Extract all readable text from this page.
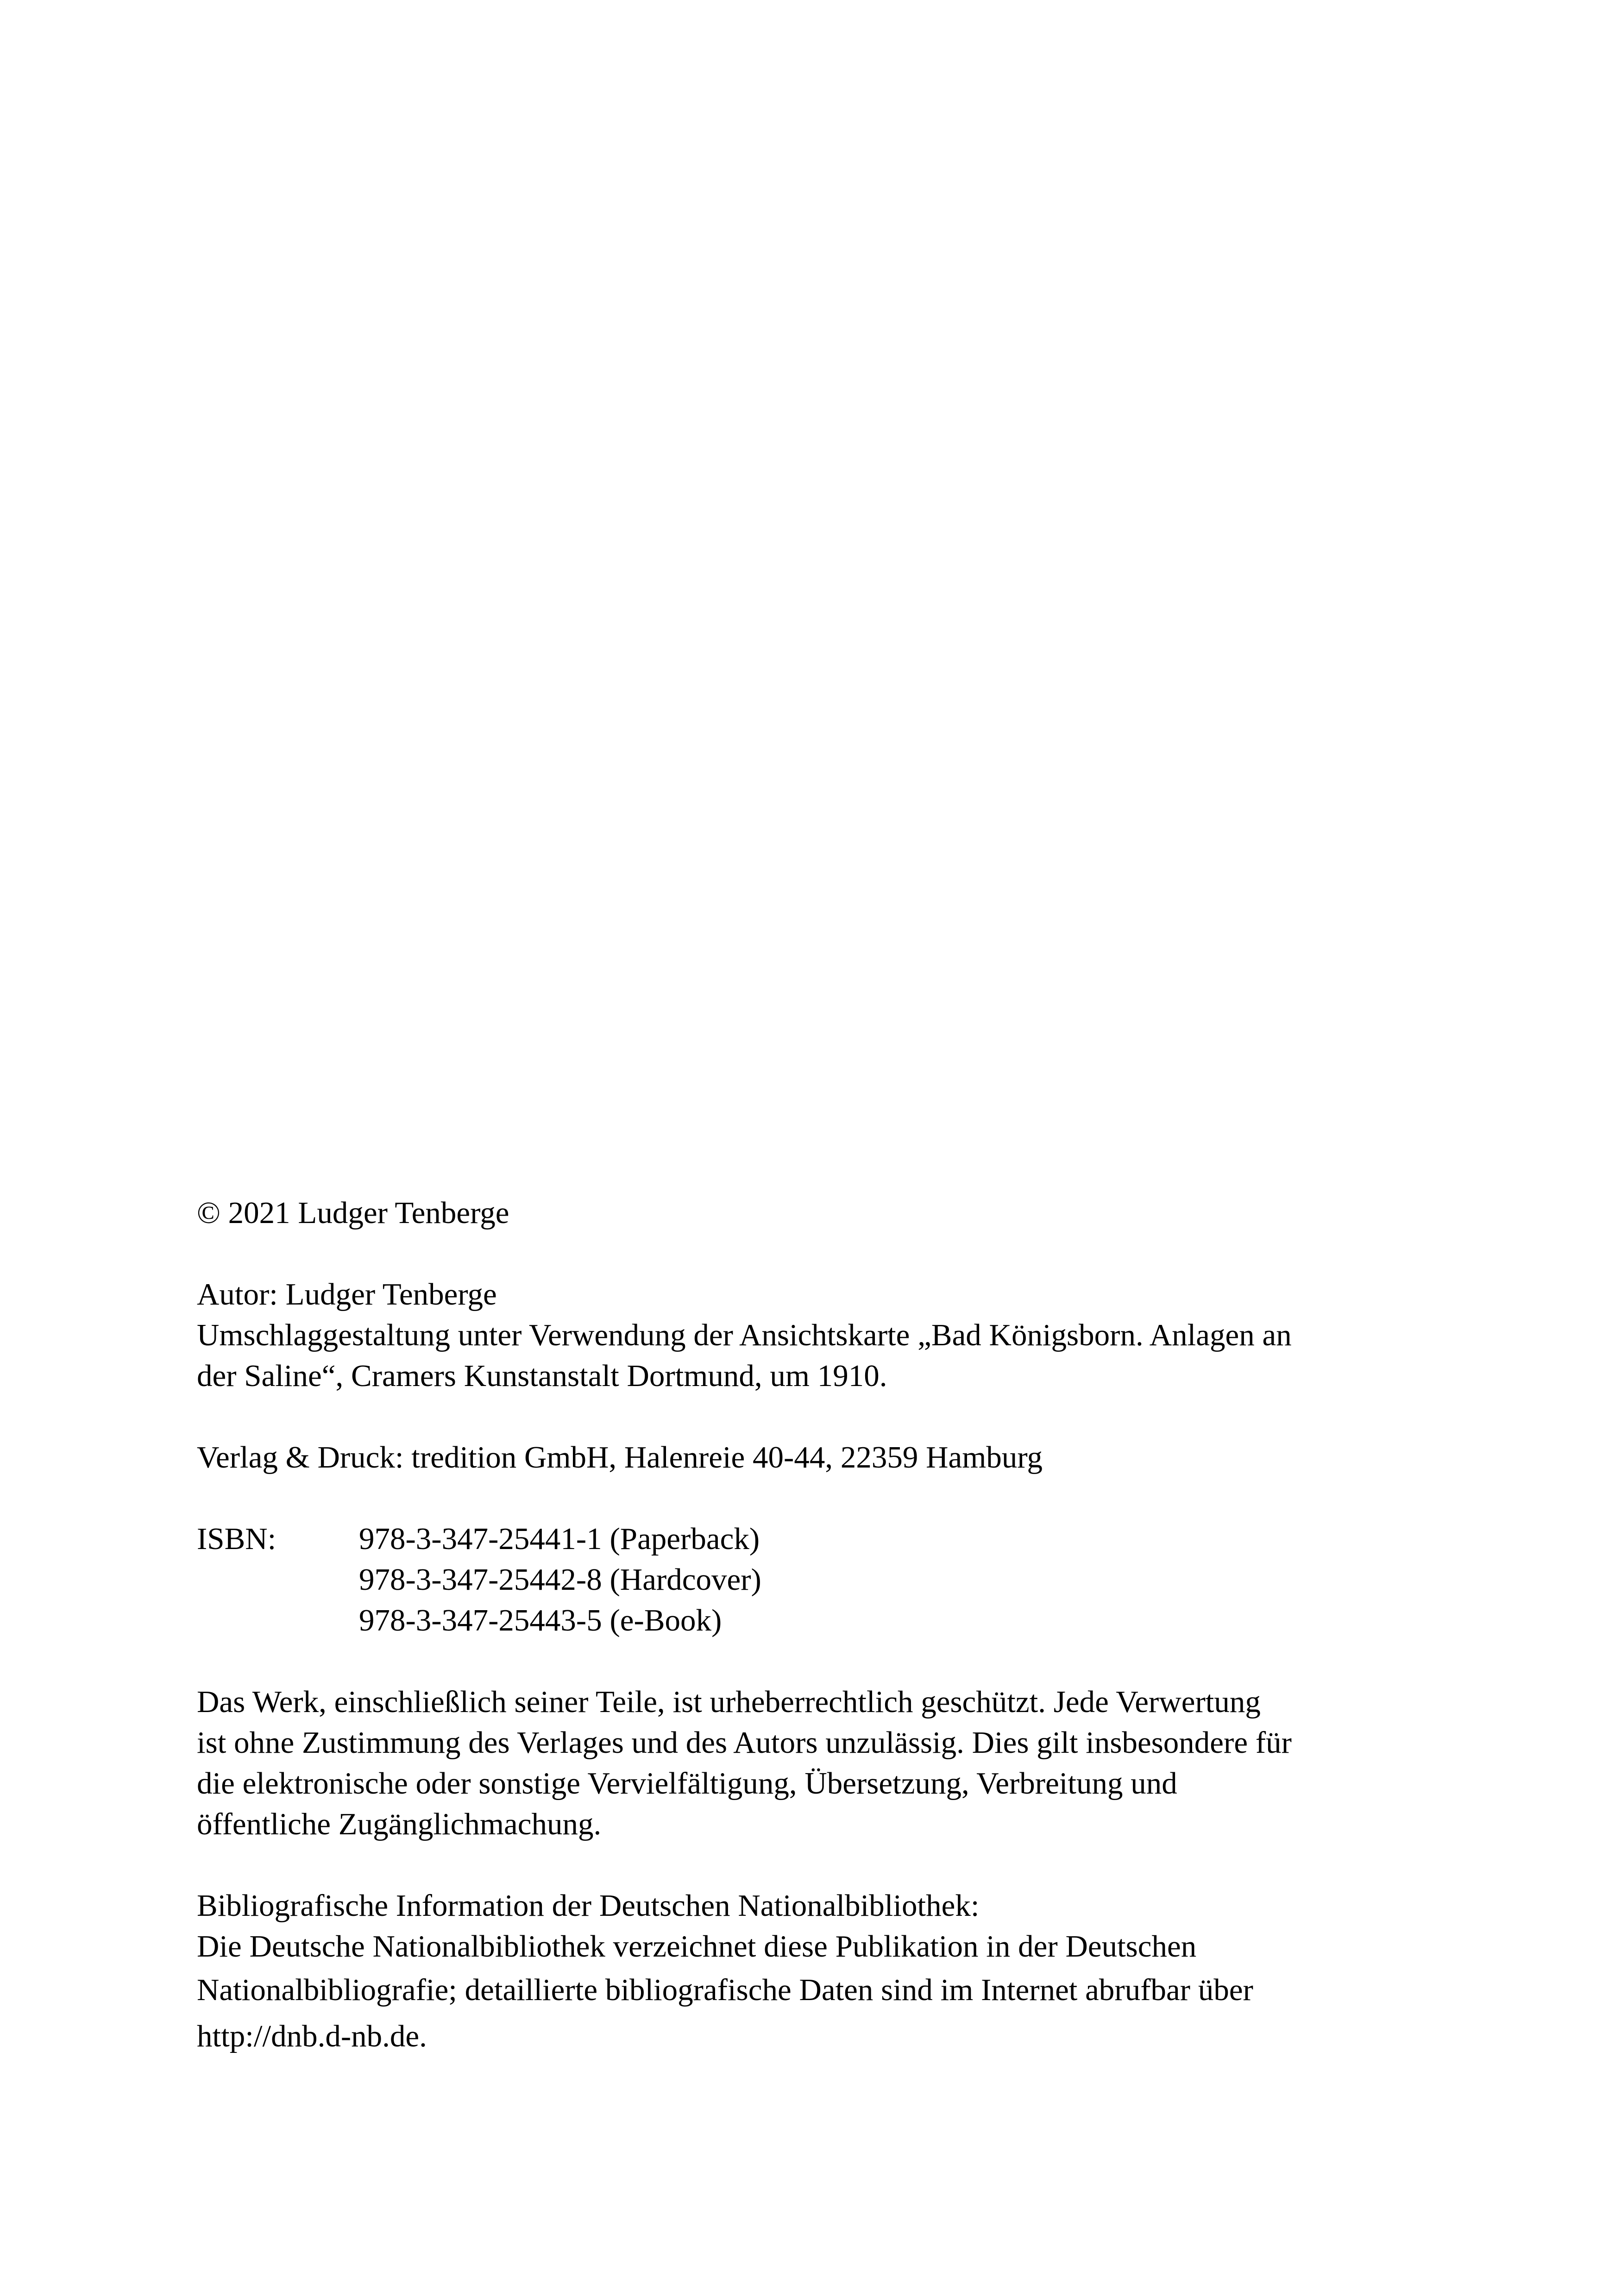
© 2021 Ludger Tenberge
Autor: Ludger Tenberge
Umschlaggestaltung unter Verwendung der Ansichtskarte „Bad Königsborn. Anlagen an
der Saline“, Cramers Kunstanstalt Dortmund, um 1910.
Verlag & Druck: tredition GmbH, Halenreie 40-44, 22359 Hamburg
ISBN:	978-3-347-25441-1 (Paperback)
978-3-347-25442-8 (Hardcover)
978-3-347-25443-5 (e-Book)
Das Werk, einschließlich seiner Teile, ist urheberrechtlich geschützt. Jede Verwertung
ist ohne Zustimmung des Verlages und des Autors unzulässig. Dies gilt insbesondere für
die elektronische oder sonstige Vervielfältigung, Übersetzung, Verbreitung und
öffentliche Zugänglichmachung.
Bibliografische Information der Deutschen Nationalbibliothek:
Die Deutsche Nationalbibliothek verzeichnet diese Publikation in der Deutschen
Nationalbibliografie; detaillierte bibliografische Daten sind im Internet abrufbar über
http://dnb.d-nb.de.
